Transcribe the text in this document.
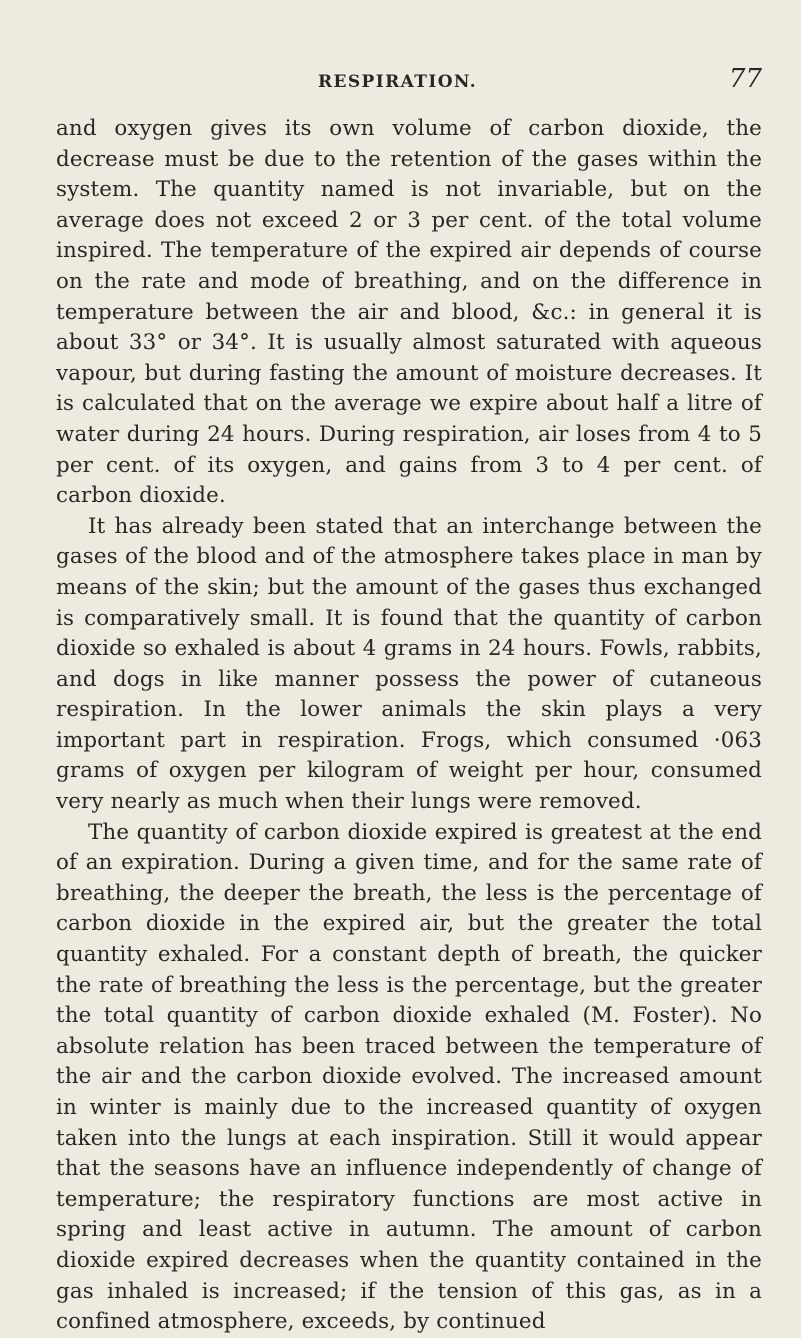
RESPIRATION.	77

and oxygen gives its own volume of carbon dioxide, the decrease must be due to the retention of the gases within the system. The quantity named is not invariable, but on the average does not exceed 2 or 3 per cent. of the total volume inspired. The temperature of the expired air depends of course on the rate and mode of breathing, and on the difference in temperature between the air and blood, &c.: in general it is about 33° or 34°. It is usually almost saturated with aqueous vapour, but during fasting the amount of moisture decreases. It is calculated that on the average we expire about half a litre of water during 24 hours. During respiration, air loses from 4 to 5 per cent. of its oxygen, and gains from 3 to 4 per cent. of carbon dioxide.

It has already been stated that an interchange between the gases of the blood and of the atmosphere takes place in man by means of the skin; but the amount of the gases thus exchanged is comparatively small. It is found that the quantity of carbon dioxide so exhaled is about 4 grams in 24 hours. Fowls, rabbits, and dogs in like manner possess the power of cutaneous respiration. In the lower animals the skin plays a very important part in respiration. Frogs, which consumed ·063 grams of oxygen per kilogram of weight per hour, consumed very nearly as much when their lungs were removed.

The quantity of carbon dioxide expired is greatest at the end of an expiration. During a given time, and for the same rate of breathing, the deeper the breath, the less is the percentage of carbon dioxide in the expired air, but the greater the total quantity exhaled. For a constant depth of breath, the quicker the rate of breathing the less is the percentage, but the greater the total quantity of carbon dioxide exhaled (M. Foster). No absolute relation has been traced between the temperature of the air and the carbon dioxide evolved. The increased amount in winter is mainly due to the increased quantity of oxygen taken into the lungs at each inspiration. Still it would appear that the seasons have an influence independently of change of temperature; the respiratory functions are most active in spring and least active in autumn. The amount of carbon dioxide expired decreases when the quantity contained in the gas inhaled is increased; if the tension of this gas, as in a confined atmosphere, exceeds, by continued
